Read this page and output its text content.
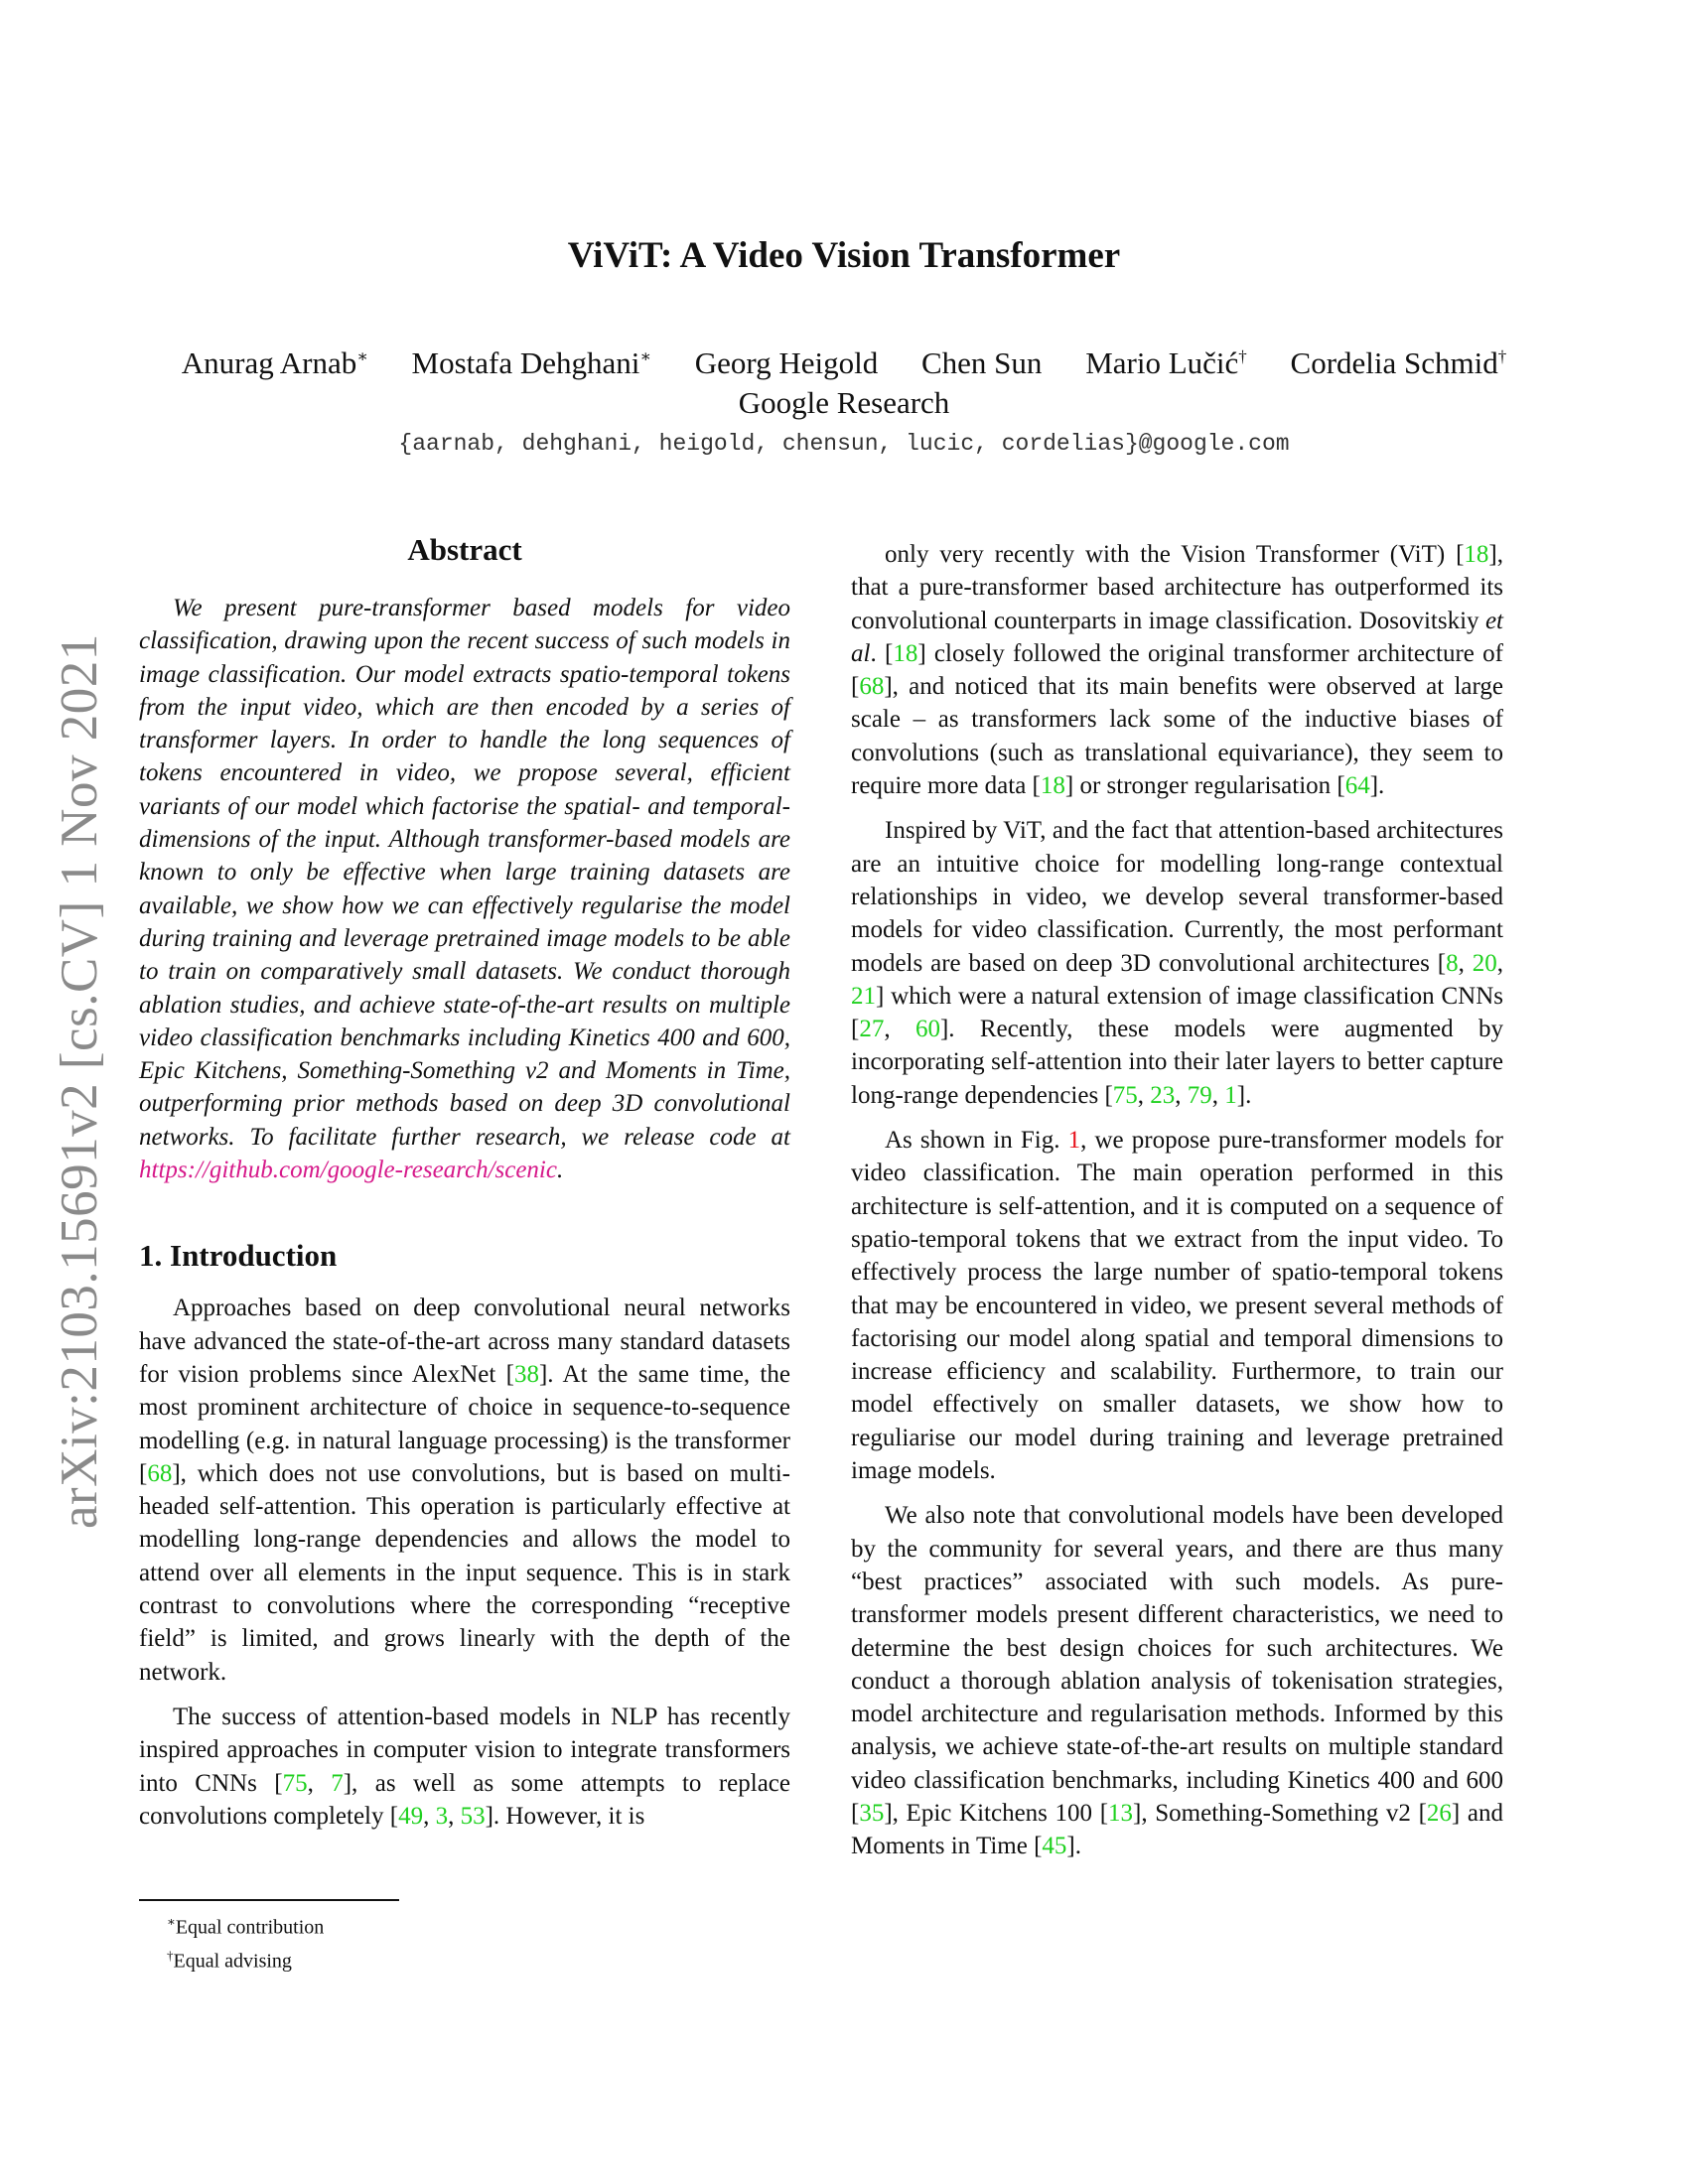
arXiv:2103.15691v2 [cs.CV] 1 Nov 2021
ViViT: A Video Vision Transformer
Anurag Arnab∗ Mostafa Dehghani∗ Georg Heigold Chen Sun Mario Lučić† Cordelia Schmid†
Google Research
{aarnab, dehghani, heigold, chensun, lucic, cordelias}@google.com
Abstract

We present pure-transformer based models for video classification, drawing upon the recent success of such models in image classification. Our model extracts spatio-temporal tokens from the input video, which are then encoded by a series of transformer layers. In order to handle the long sequences of tokens encountered in video, we propose several, efficient variants of our model which factorise the spatial- and temporal-dimensions of the input. Although transformer-based models are known to only be effective when large training datasets are available, we show how we can effectively regularise the model during training and leverage pretrained image models to be able to train on comparatively small datasets. We conduct thorough ablation studies, and achieve state-of-the-art results on multiple video classification benchmarks including Kinetics 400 and 600, Epic Kitchens, Something-Something v2 and Moments in Time, outperforming prior methods based on deep 3D convolutional networks. To facilitate further research, we release code at https://github.com/google-research/scenic.

1. Introduction

Approaches based on deep convolutional neural networks have advanced the state-of-the-art across many standard datasets for vision problems since AlexNet [38]. At the same time, the most prominent architecture of choice in sequence-to-sequence modelling (e.g. in natural language processing) is the transformer [68], which does not use convolutions, but is based on multi-headed self-attention. This operation is particularly effective at modelling long-range dependencies and allows the model to attend over all elements in the input sequence. This is in stark contrast to convolutions where the corresponding “receptive field” is limited, and grows linearly with the depth of the network.

The success of attention-based models in NLP has recently inspired approaches in computer vision to integrate transformers into CNNs [75, 7], as well as some attempts to replace convolutions completely [49, 3, 53]. However, it is

only very recently with the Vision Transformer (ViT) [18], that a pure-transformer based architecture has outperformed its convolutional counterparts in image classification. Dosovitskiy et al. [18] closely followed the original transformer architecture of [68], and noticed that its main benefits were observed at large scale – as transformers lack some of the inductive biases of convolutions (such as translational equivariance), they seem to require more data [18] or stronger regularisation [64].

Inspired by ViT, and the fact that attention-based architectures are an intuitive choice for modelling long-range contextual relationships in video, we develop several transformer-based models for video classification. Currently, the most performant models are based on deep 3D convolutional architectures [8, 20, 21] which were a natural extension of image classification CNNs [27, 60]. Recently, these models were augmented by incorporating self-attention into their later layers to better capture long-range dependencies [75, 23, 79, 1].

As shown in Fig. 1, we propose pure-transformer models for video classification. The main operation performed in this architecture is self-attention, and it is computed on a sequence of spatio-temporal tokens that we extract from the input video. To effectively process the large number of spatio-temporal tokens that may be encountered in video, we present several methods of factorising our model along spatial and temporal dimensions to increase efficiency and scalability. Furthermore, to train our model effectively on smaller datasets, we show how to reguliarise our model during training and leverage pretrained image models.

We also note that convolutional models have been developed by the community for several years, and there are thus many “best practices” associated with such models. As pure-transformer models present different characteristics, we need to determine the best design choices for such architectures. We conduct a thorough ablation analysis of tokenisation strategies, model architecture and regularisation methods. Informed by this analysis, we achieve state-of-the-art results on multiple standard video classification benchmarks, including Kinetics 400 and 600 [35], Epic Kitchens 100 [13], Something-Something v2 [26] and Moments in Time [45].

∗Equal contribution
†Equal advising
